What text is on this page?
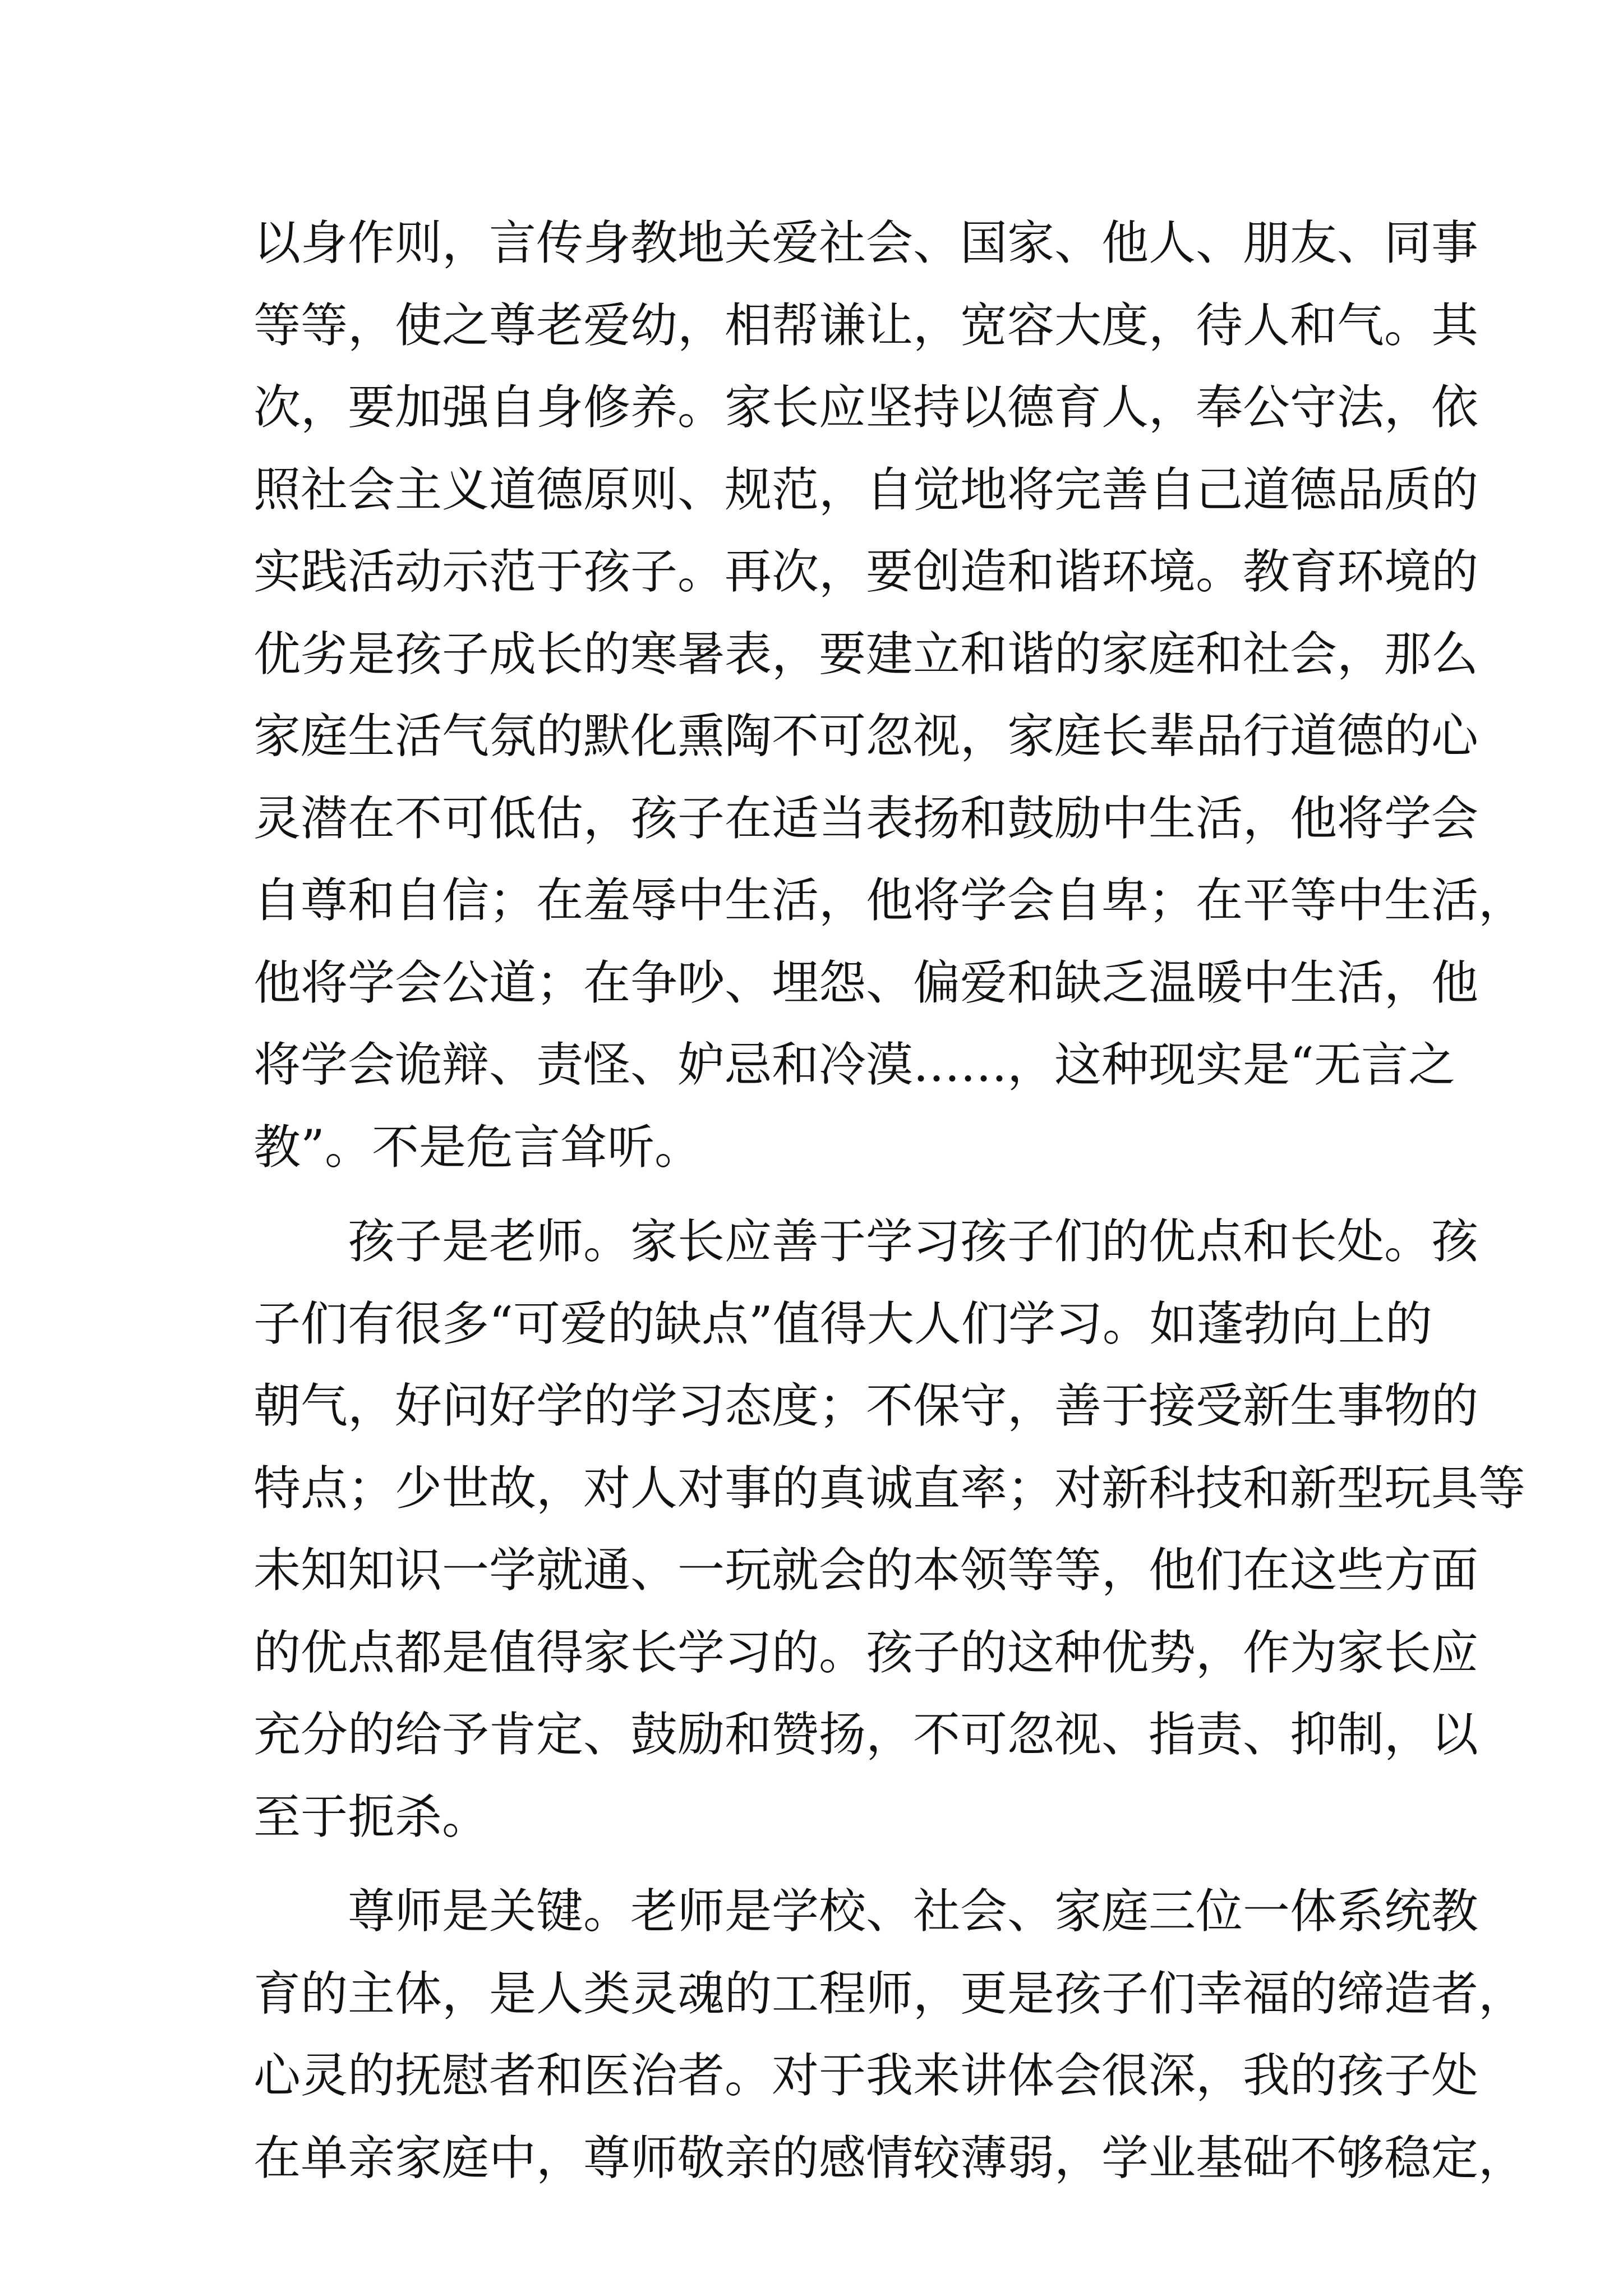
以身作则，言传身教地关爱社会、国家、他人、朋友、同事
等等，使之尊老爱幼，相帮谦让，宽容大度，待人和气。其
次，要加强自身修养。家长应坚持以德育人，奉公守法，依
照社会主义道德原则、规范，自觉地将完善自己道德品质的
实践活动示范于孩子。再次，要创造和谐环境。教育环境的
优劣是孩子成长的寒暑表，要建立和谐的家庭和社会，那么
家庭生活气氛的默化熏陶不可忽视，家庭长辈品行道德的心
灵潜在不可低估，孩子在适当表扬和鼓励中生活，他将学会
自尊和自信；在羞辱中生活，他将学会自卑；在平等中生活，
他将学会公道；在争吵、埋怨、偏爱和缺乏温暖中生活，他
将学会诡辩、责怪、妒忌和冷漠……，这种现实是“无言之
教”。不是危言耸听。
孩子是老师。家长应善于学习孩子们的优点和长处。孩
子们有很多“可爱的缺点”值得大人们学习。如蓬勃向上的
朝气，好问好学的学习态度；不保守，善于接受新生事物的
特点；少世故，对人对事的真诚直率；对新科技和新型玩具等
未知知识一学就通、一玩就会的本领等等，他们在这些方面
的优点都是值得家长学习的。孩子的这种优势，作为家长应
充分的给予肯定、鼓励和赞扬，不可忽视、指责、抑制，以
至于扼杀。
尊师是关键。老师是学校、社会、家庭三位一体系统教
育的主体，是人类灵魂的工程师，更是孩子们幸福的缔造者，
心灵的抚慰者和医治者。对于我来讲体会很深，我的孩子处
在单亲家庭中，尊师敬亲的感情较薄弱，学业基础不够稳定，
